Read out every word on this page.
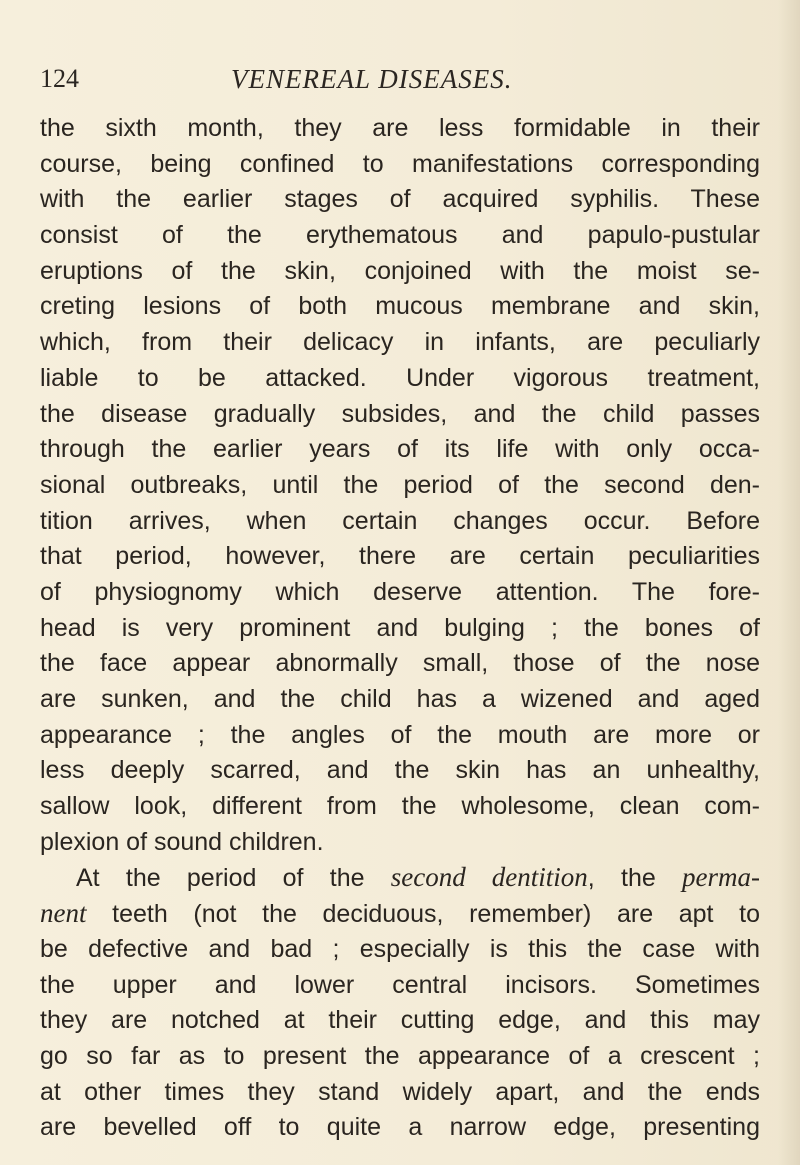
124	VENEREAL DISEASES.
the sixth month, they are less formidable in their
course, being confined to manifestations corresponding
with the earlier stages of acquired syphilis. These
consist of the erythematous and papulo-pustular
eruptions of the skin, conjoined with the moist se-
creting lesions of both mucous membrane and skin,
which, from their delicacy in infants, are peculiarly
liable to be attacked. Under vigorous treatment,
the disease gradually subsides, and the child passes
through the earlier years of its life with only occa-
sional outbreaks, until the period of the second den-
tition arrives, when certain changes occur. Before
that period, however, there are certain peculiarities
of physiognomy which deserve attention. The fore-
head is very prominent and bulging ; the bones of
the face appear abnormally small, those of the nose
are sunken, and the child has a wizened and aged
appearance ; the angles of the mouth are more or
less deeply scarred, and the skin has an unhealthy,
sallow look, different from the wholesome, clean com-
plexion of sound children.
At the period of the second dentition, the perma-
nent teeth (not the deciduous, remember) are apt to
be defective and bad ; especially is this the case with
the upper and lower central incisors. Sometimes
they are notched at their cutting edge, and this may
go so far as to present the appearance of a crescent ;
at other times they stand widely apart, and the ends
are bevelled off to quite a narrow edge, presenting
